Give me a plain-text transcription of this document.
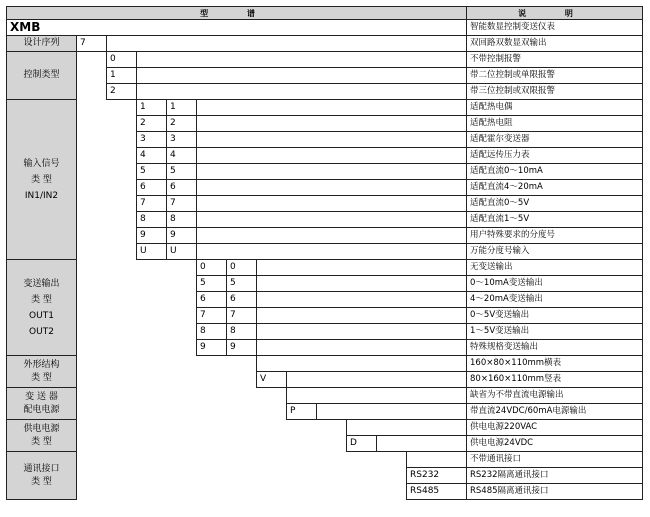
型 谱													说 明
XMB													智能数显控制变送仪表
设计序列	7												双回路双数显双输出
控制类型		0											不带控制报警
		1											带二位控制或单限报警
		2											带三位控制或双限报警

输入信号
类 型
IN1/IN2			1	1									适配热电偶
			2	2									适配热电阻
			3	3									适配霍尔变送器
			4	4									适配远传压力表
			5	5									适配直流0～10mA
			6	6									适配直流4～20mA
			7	7									适配直流0～5V
			8	8									适配直流1～5V
			9	9									用户特殊要求的分度号
			U	U									万能分度号输入

变送输出
类 型
OUT1
OUT2					0	0							无变送输出
					5	5							0～10mA变送输出
					6	6							4～20mA变送输出
					7	7							0～5V变送输出
					8	8							1～5V变送输出
					9	9							特殊规格变送输出

外形结构
类 型													160×80×110mm横表
							V						80×160×110mm竖表

变 送 器
配电电源													缺省为不带直流电源输出
								P					带直流24VDC/60mA电源输出

供电电源
类 型													供电电源220VAC
										D			供电电源24VDC

通讯接口
类 型													不带通讯接口
												RS232	RS232隔离通讯接口
												RS485	RS485隔离通讯接口
